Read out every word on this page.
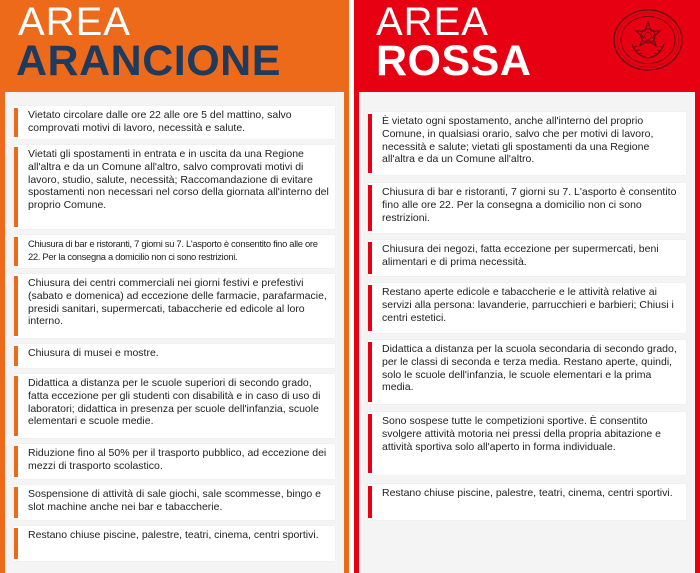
AREA
ARANCIONE
Vietato circolare dalle ore 22 alle ore 5 del mattino, salvo comprovati motivi di lavoro, necessità e salute.
Vietati gli spostamenti in entrata e in uscita da una Regione all'altra e da un Comune all'altro, salvo comprovati motivi di lavoro, studio, salute, necessità; Raccomandazione di evitare spostamenti non necessari nel corso della giornata all'interno del proprio Comune.
Chiusura di bar e ristoranti, 7 giorni su 7. L'asporto è consentito fino alle ore 22. Per la consegna a domicilio non ci sono restrizioni.
Chiusura dei centri commerciali nei giorni festivi e prefestivi (sabato e domenica) ad eccezione delle farmacie, parafarmacie, presidi sanitari, supermercati, tabaccherie ed edicole al loro interno.
Chiusura di musei e mostre.
Didattica a distanza per le scuole superiori di secondo grado, fatta eccezione per gli studenti con disabilità e in caso di uso di laboratori; didattica in presenza per scuole dell'infanzia, scuole elementari e scuole medie.
Riduzione fino al 50% per il trasporto pubblico, ad eccezione dei mezzi di trasporto scolastico.
Sospensione di attività di sale giochi, sale scommesse, bingo e slot machine anche nei bar e tabaccherie.
Restano chiuse piscine, palestre, teatri, cinema, centri sportivi.
AREA
ROSSA
È vietato ogni spostamento, anche all'interno del proprio Comune, in qualsiasi orario, salvo che per motivi di lavoro, necessità e salute; vietati gli spostamenti da una Regione all'altra e da un Comune all'altro.
Chiusura di bar e ristoranti, 7 giorni su 7. L'asporto è consentito fino alle ore 22. Per la consegna a domicilio non ci sono restrizioni.
Chiusura dei negozi, fatta eccezione per supermercati, beni alimentari e di prima necessità.
Restano aperte edicole e tabaccherie e le attività relative ai servizi alla persona: lavanderie, parrucchieri e barbieri; Chiusi i centri estetici.
Didattica a distanza per la scuola secondaria di secondo grado, per le classi di seconda e terza media. Restano aperte, quindi, solo le scuole dell'infanzia, le scuole elementari e la prima media.
Sono sospese tutte le competizioni sportive. È consentito svolgere attività motoria nei pressi della propria abitazione e attività sportiva solo all'aperto in forma individuale.
Restano chiuse piscine, palestre, teatri, cinema, centri sportivi.
